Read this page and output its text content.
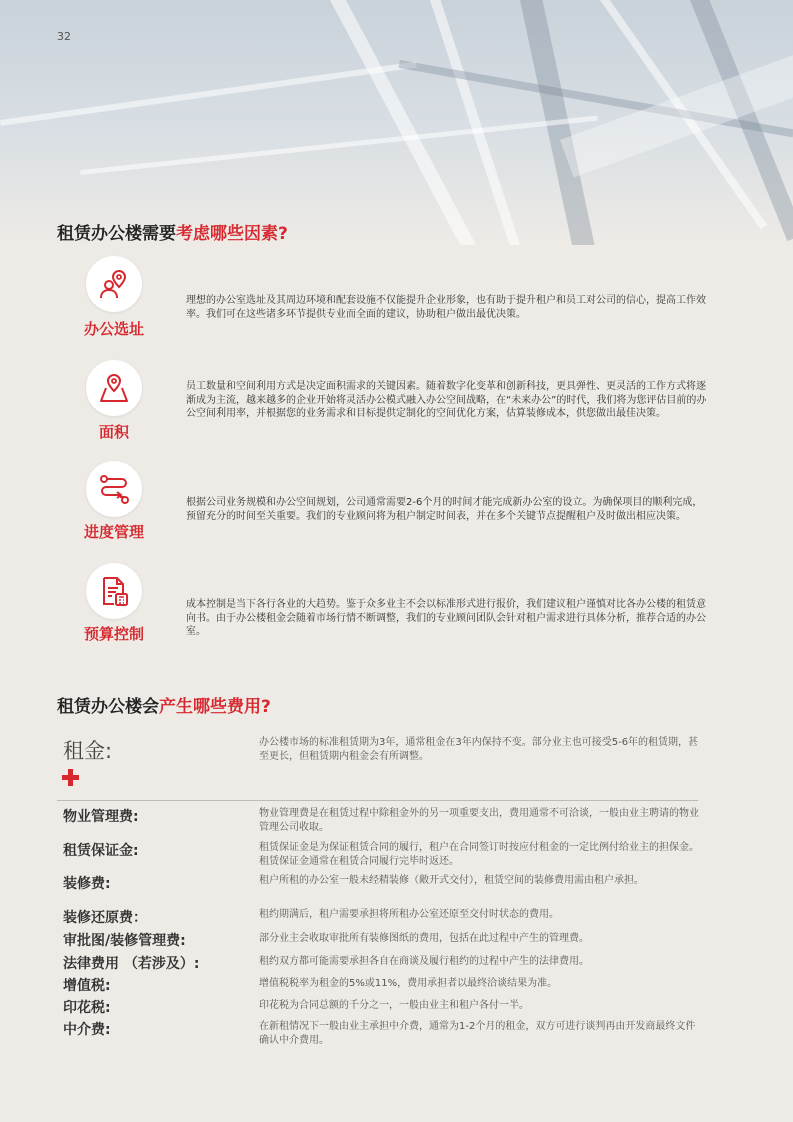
32
租赁办公楼需要考虑哪些因素?
办公选址
理想的办公室选址及其周边环境和配套设施不仅能提升企业形象，也有助于提升租户和员工对公司的信心，提高工作效率。我们可在这些诸多环节提供专业而全面的建议，协助租户做出最优决策。
面积
员工数量和空间利用方式是决定面积需求的关键因素。随着数字化变革和创新科技，更具弹性、更灵活的工作方式将逐渐成为主流，越来越多的企业开始将灵活办公模式融入办公空间战略，在“未来办公”的时代，我们将为您评估目前的办公空间利用率，并根据您的业务需求和目标提供定制化的空间优化方案，估算装修成本，供您做出最佳决策。
进度管理
根据公司业务规模和办公空间规划，公司通常需要2-6个月的时间才能完成新办公室的设立。为确保项目的顺利完成，预留充分的时间至关重要。我们的专业顾问将为租户制定时间表，并在多个关键节点提醒租户及时做出相应决策。
预算控制
成本控制是当下各行各业的大趋势。鉴于众多业主不会以标准形式进行报价，我们建议租户谨慎对比各办公楼的租赁意向书。由于办公楼租金会随着市场行情不断调整，我们的专业顾问团队会针对租户需求进行具体分析，推荐合适的办公室。
租赁办公楼会产生哪些费用?
租金:	办公楼市场的标准租赁期为3年，通常租金在3年内保持不变。部分业主也可接受5-6年的租赁期，甚至更长，但租赁期内租金会有所调整。
物业管理费:	物业管理费是在租赁过程中除租金外的另一项重要支出，费用通常不可洽谈，一般由业主聘请的物业管理公司收取。
租赁保证金:	租赁保证金是为保证租赁合同的履行，租户在合同签订时按应付租金的一定比例付给业主的担保金。租赁保证金通常在租赁合同履行完毕时返还。
装修费:	租户所租的办公室一般未经精装修（敞开式交付），租赁空间的装修费用需由租户承担。
装修还原费：	租约期满后，租户需要承担将所租办公室还原至交付时状态的费用。
审批图/装修管理费:	部分业主会收取审批所有装修图纸的费用，包括在此过程中产生的管理费。
法律费用 （若涉及）:	租约双方都可能需要承担各自在商谈及履行租约的过程中产生的法律费用。
增值税:	增值税税率为租金的5%或11%，费用承担者以最终洽谈结果为准。
印花税:	印花税为合同总额的千分之一，一般由业主和租户各付一半。
中介费:	在新租情况下一般由业主承担中介费，通常为1-2个月的租金，双方可进行谈判再由开发商最终文件确认中介费用。
